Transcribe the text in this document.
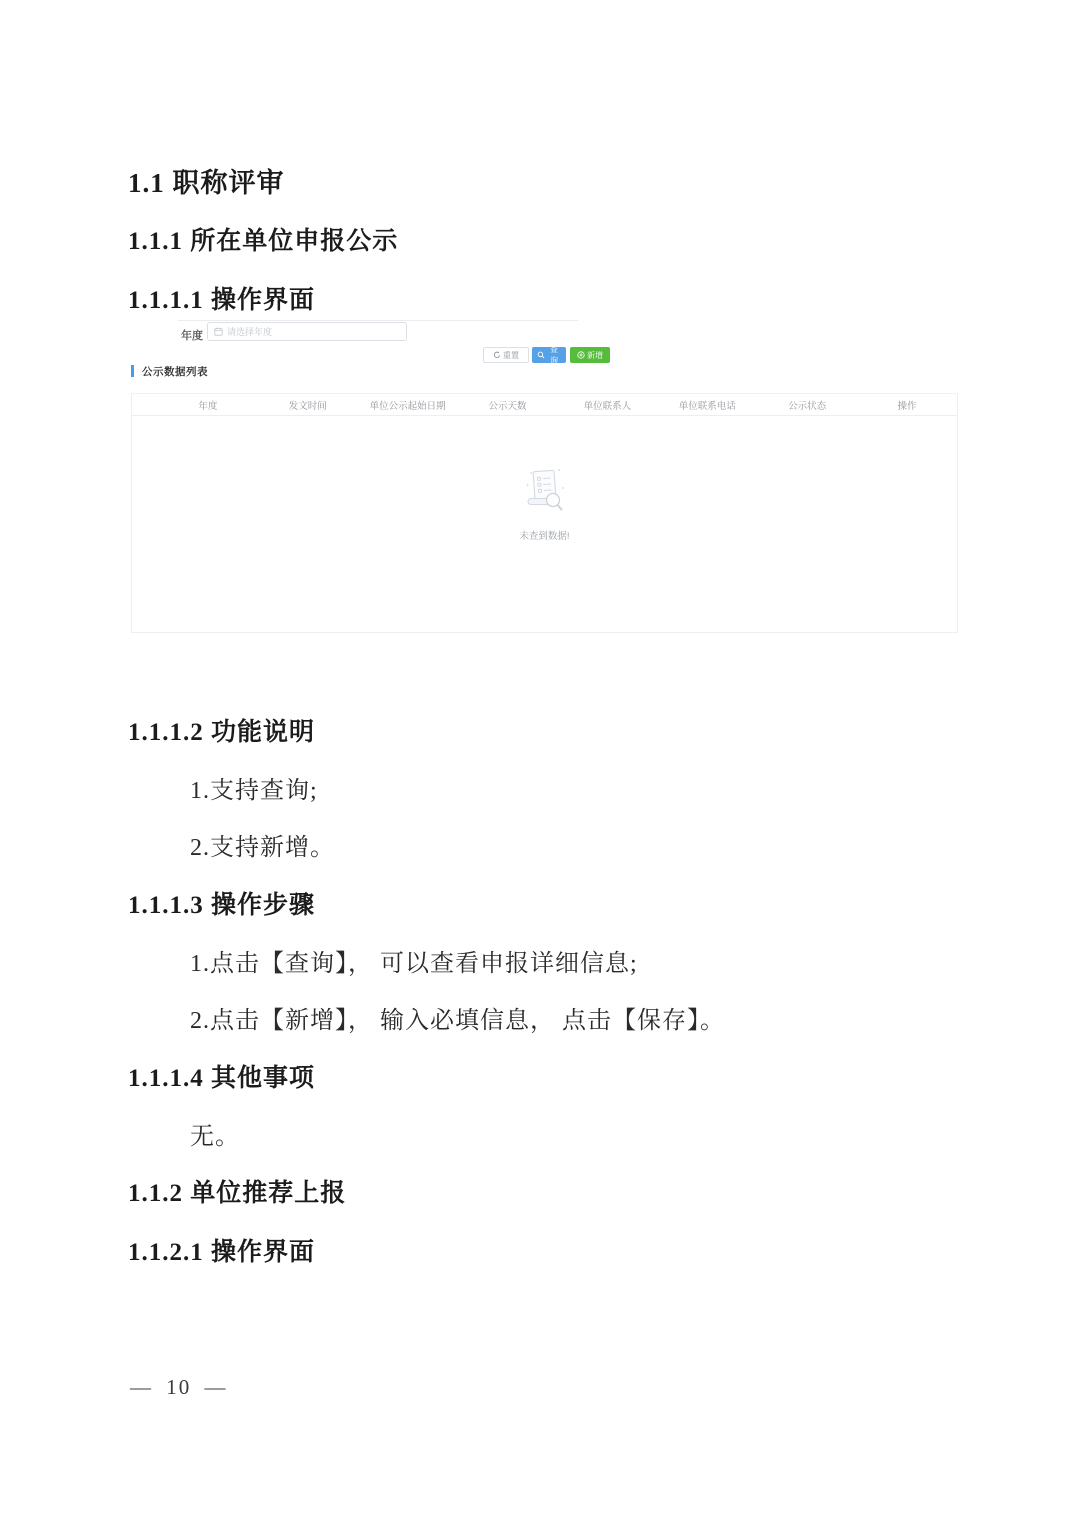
1.1 职称评审
1.1.1 所在单位申报公示
1.1.1.1 操作界面
年度
请选择年度
重置
查询
新增
公示数据列表
年度	发文时间	单位公示起始日期	公示天数	单位联系人	单位联系电话	公示状态	操作
未查到数据!
1.1.1.2 功能说明
1.支持查询;
2.支持新增。
1.1.1.3 操作步骤
1.点击【查询】， 可以查看申报详细信息;
2.点击【新增】， 输入必填信息， 点击【保存】。
1.1.1.4 其他事项
无。
1.1.2 单位推荐上报
1.1.2.1 操作界面
— 10 —
